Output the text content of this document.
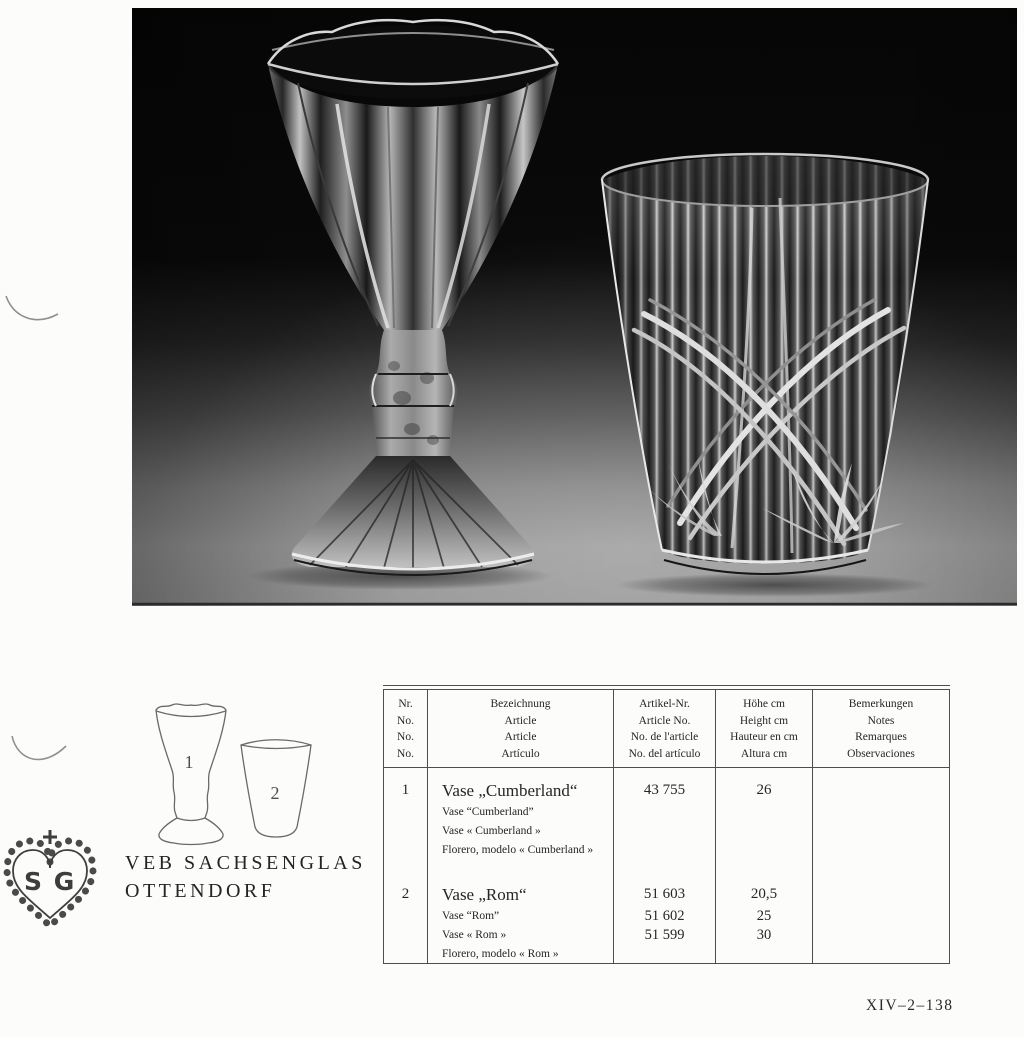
1
2
S G
VEB SACHSENGLAS
OTTENDORF
Nr.
No.
No.
No.
Bezeichnung
Article
Article
Artículo
Artikel-Nr.
Article No.
No. de l'article
No. del artículo
Höhe cm
Height cm
Hauteur en cm
Altura cm
Bemerkungen
Notes
Remarques
Observaciones
1
2
Vase „Cumberland“
Vase “Cumberland”
Vase « Cumberland »
Florero, modelo « Cumberland »
Vase „Rom“
Vase “Rom”
Vase « Rom »
Florero, modelo « Rom »
43 755
51 603
51 602
51 599
26
20,5
25
30
XIV–2–138
